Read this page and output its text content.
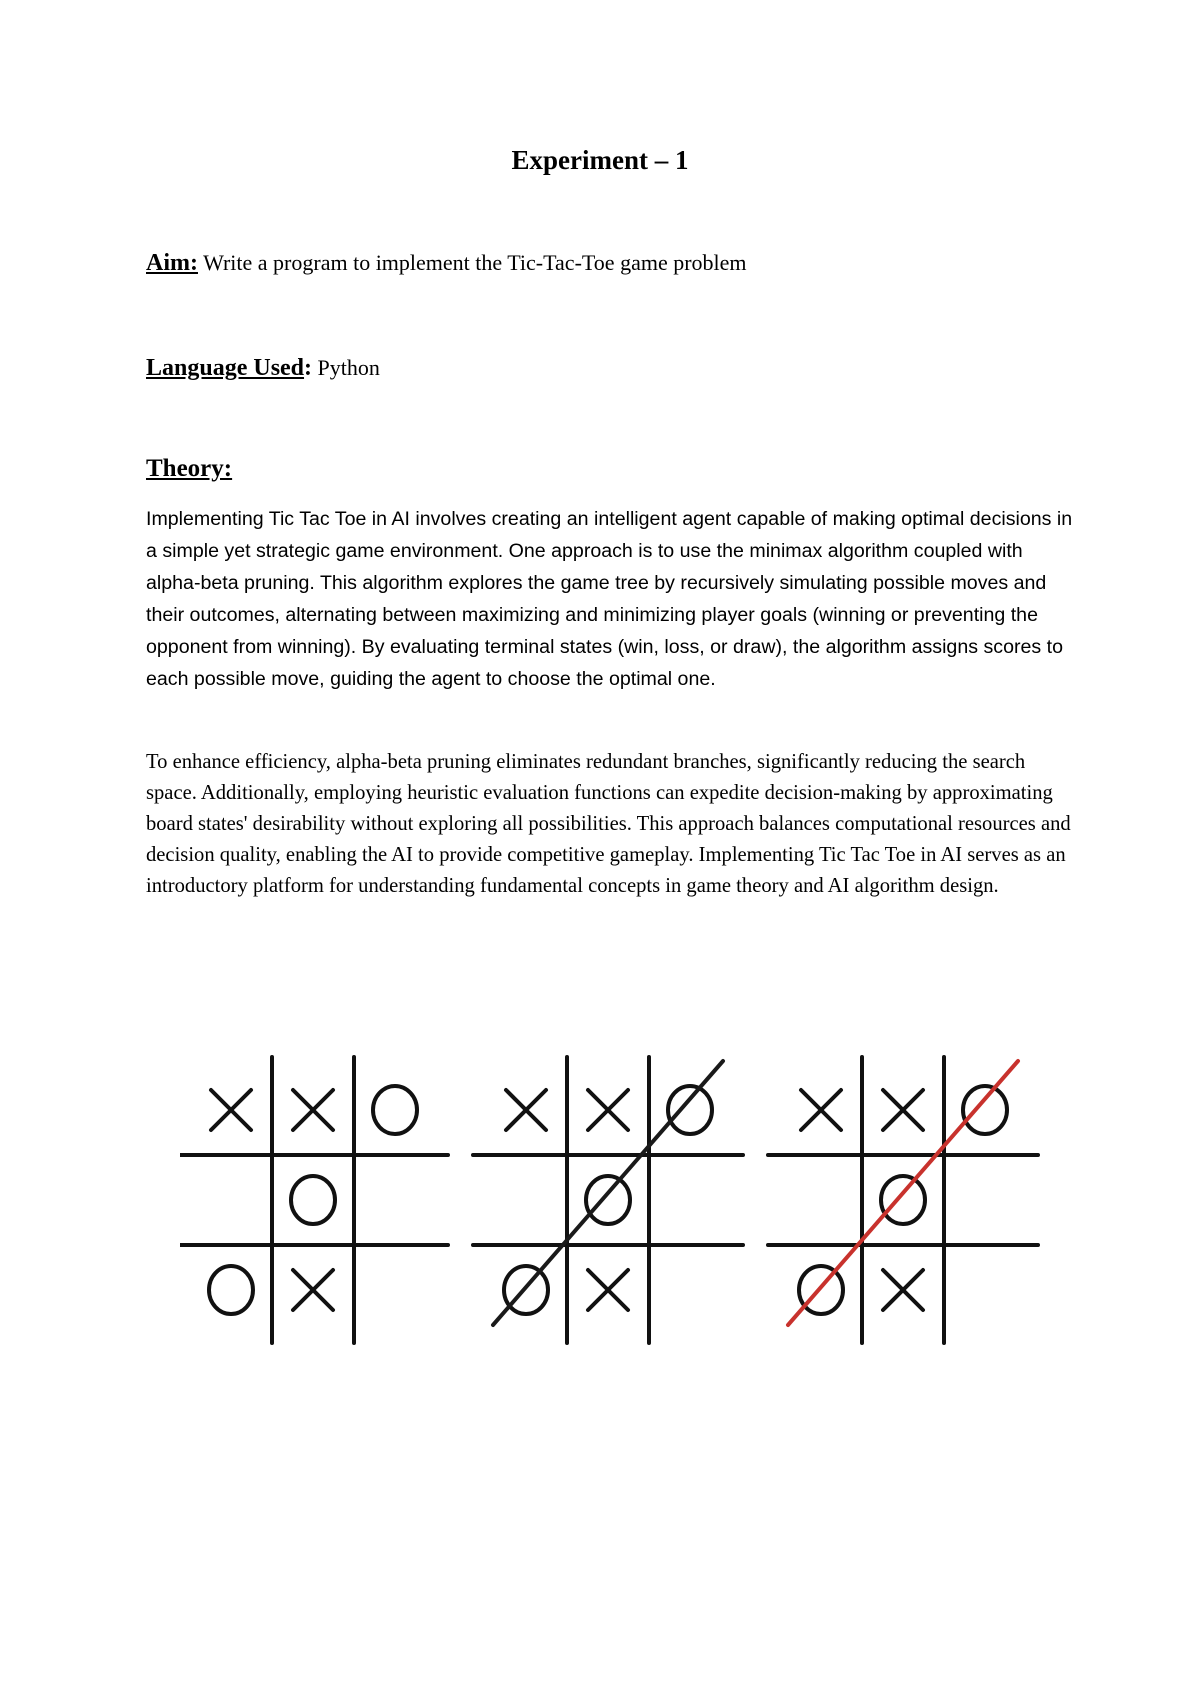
Experiment – 1
Aim: Write a program to implement the Tic-Tac-Toe game problem
Language Used: Python
Theory:

Implementing Tic Tac Toe in AI involves creating an intelligent agent capable of making optimal decisions in a simple yet strategic game environment. One approach is to use the minimax algorithm coupled with alpha-beta pruning. This algorithm explores the game tree by recursively simulating possible moves and their outcomes, alternating between maximizing and minimizing player goals (winning or preventing the opponent from winning). By evaluating terminal states (win, loss, or draw), the algorithm assigns scores to each possible move, guiding the agent to choose the optimal one.

To enhance efficiency, alpha-beta pruning eliminates redundant branches, significantly reducing the search space. Additionally, employing heuristic evaluation functions can expedite decision-making by approximating board states' desirability without exploring all possibilities. This approach balances computational resources and decision quality, enabling the AI to provide competitive gameplay. Implementing Tic Tac Toe in AI serves as an introductory platform for understanding fundamental concepts in game theory and AI algorithm design.
